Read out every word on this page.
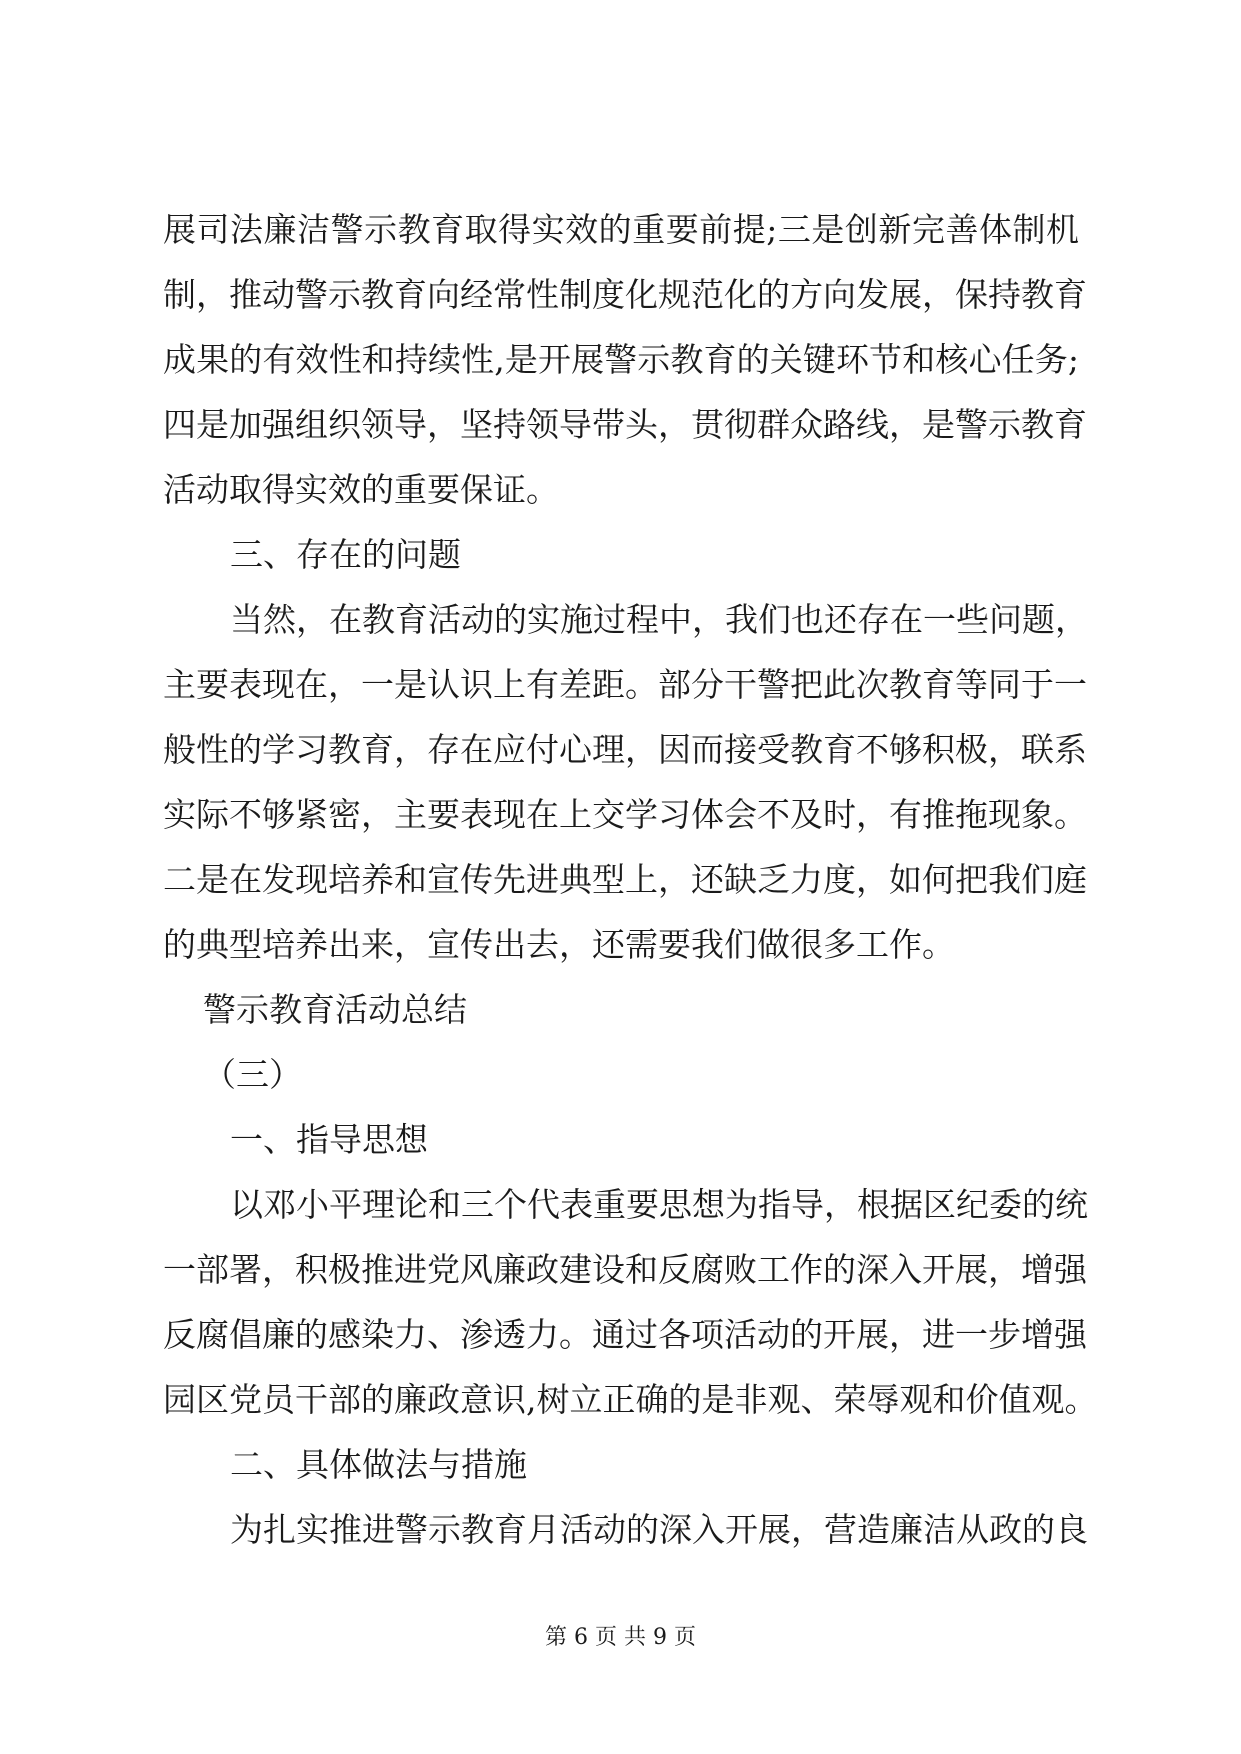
展司法廉洁警示教育取得实效的重要前提;三是创新完善体制机
制，推动警示教育向经常性制度化规范化的方向发展，保持教育
成果的有效性和持续性,是开展警示教育的关键环节和核心任务;
四是加强组织领导，坚持领导带头，贯彻群众路线，是警示教育
活动取得实效的重要保证。
三、存在的问题
当然，在教育活动的实施过程中，我们也还存在一些问题，
主要表现在，一是认识上有差距。部分干警把此次教育等同于一
般性的学习教育，存在应付心理，因而接受教育不够积极，联系
实际不够紧密，主要表现在上交学习体会不及时，有推拖现象。
二是在发现培养和宣传先进典型上，还缺乏力度，如何把我们庭
的典型培养出来，宣传出去，还需要我们做很多工作。
警示教育活动总结
（三）
一、指导思想
以邓小平理论和三个代表重要思想为指导，根据区纪委的统
一部署，积极推进党风廉政建设和反腐败工作的深入开展，增强
反腐倡廉的感染力、渗透力。通过各项活动的开展，进一步增强
园区党员干部的廉政意识,树立正确的是非观、荣辱观和价值观。
二、具体做法与措施
为扎实推进警示教育月活动的深入开展，营造廉洁从政的良
第 6 页 共 9 页
